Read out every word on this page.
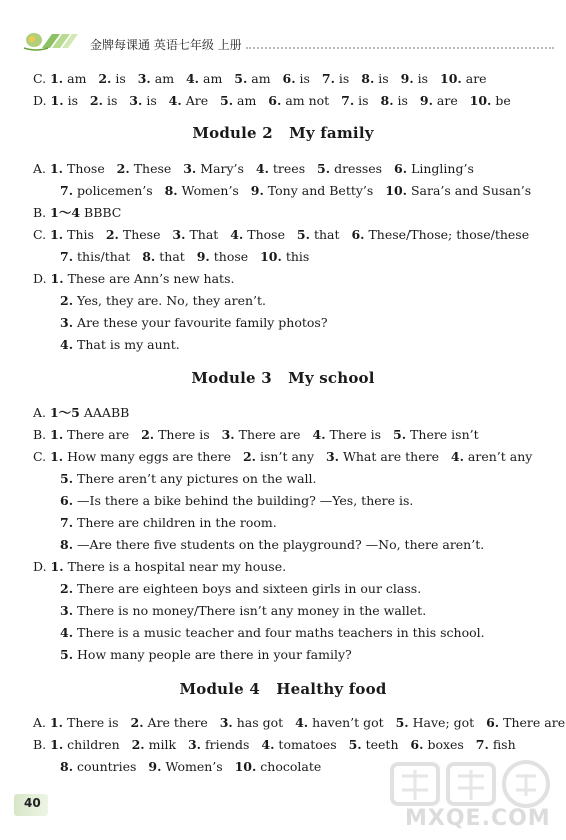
金牌每课通 英语七年级 上册
C. 1. am   2. is   3. am   4. am   5. am   6. is   7. is   8. is   9. is   10. are
D. 1. is   2. is   3. is   4. Are   5. am   6. am not   7. is   8. is   9. are   10. be
Module 2   My family
A. 1. Those   2. These   3. Mary’s   4. trees   5. dresses   6. Lingling’s
7. policemen’s   8. Women’s   9. Tony and Betty’s   10. Sara’s and Susan’s
B. 1～4 BBBC
C. 1. This   2. These   3. That   4. Those   5. that   6. These/Those; those/these
7. this/that   8. that   9. those   10. this
D. 1. These are Ann’s new hats.
2. Yes, they are. No, they aren’t.
3. Are these your favourite family photos?
4. That is my aunt.
Module 3   My school
A. 1～5 AAABB
B. 1. There are   2. There is   3. There are   4. There is   5. There isn’t
C. 1. How many eggs are there   2. isn’t any   3. What are there   4. aren’t any
5. There aren’t any pictures on the wall.
6. —Is there a bike behind the building? —Yes, there is.
7. There are children in the room.
8. —Are there five students on the playground? —No, there aren’t.
D. 1. There is a hospital near my house.
2. There are eighteen boys and sixteen girls in our class.
3. There is no money/There isn’t any money in the wallet.
4. There is a music teacher and four maths teachers in this school.
5. How many people are there in your family?
Module 4   Healthy food
A. 1. There is   2. Are there   3. has got   4. haven’t got   5. Have; got   6. There are
B. 1. children   2. milk   3. friends   4. tomatoes   5. teeth   6. boxes   7. fish
8. countries   9. Women’s   10. chocolate
40
MXQE.COM
